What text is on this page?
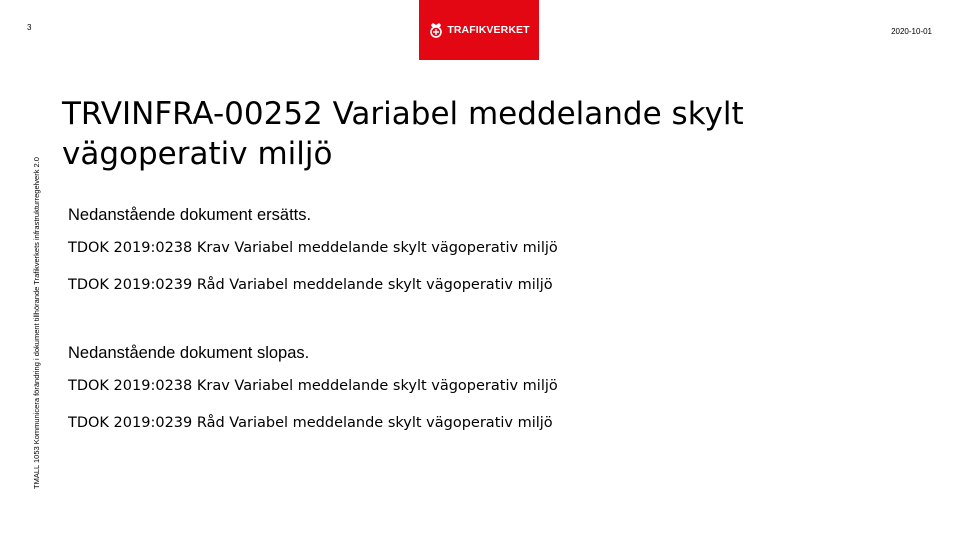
3
TMALL 1053 Kommunicera förändring i dokument tillhörande Trafikverkets infrastrukturregelverk 2.0
2020-10-01
TRAFIKVERKET
TRVINFRA-00252 Variabel meddelande skylt
vägoperativ miljö
Nedanstående dokument ersätts.
TDOK 2019:0238 Krav Variabel meddelande skylt vägoperativ miljö
TDOK 2019:0239 Råd Variabel meddelande skylt vägoperativ miljö
Nedanstående dokument slopas.
TDOK 2019:0238 Krav Variabel meddelande skylt vägoperativ miljö
TDOK 2019:0239 Råd Variabel meddelande skylt vägoperativ miljö
